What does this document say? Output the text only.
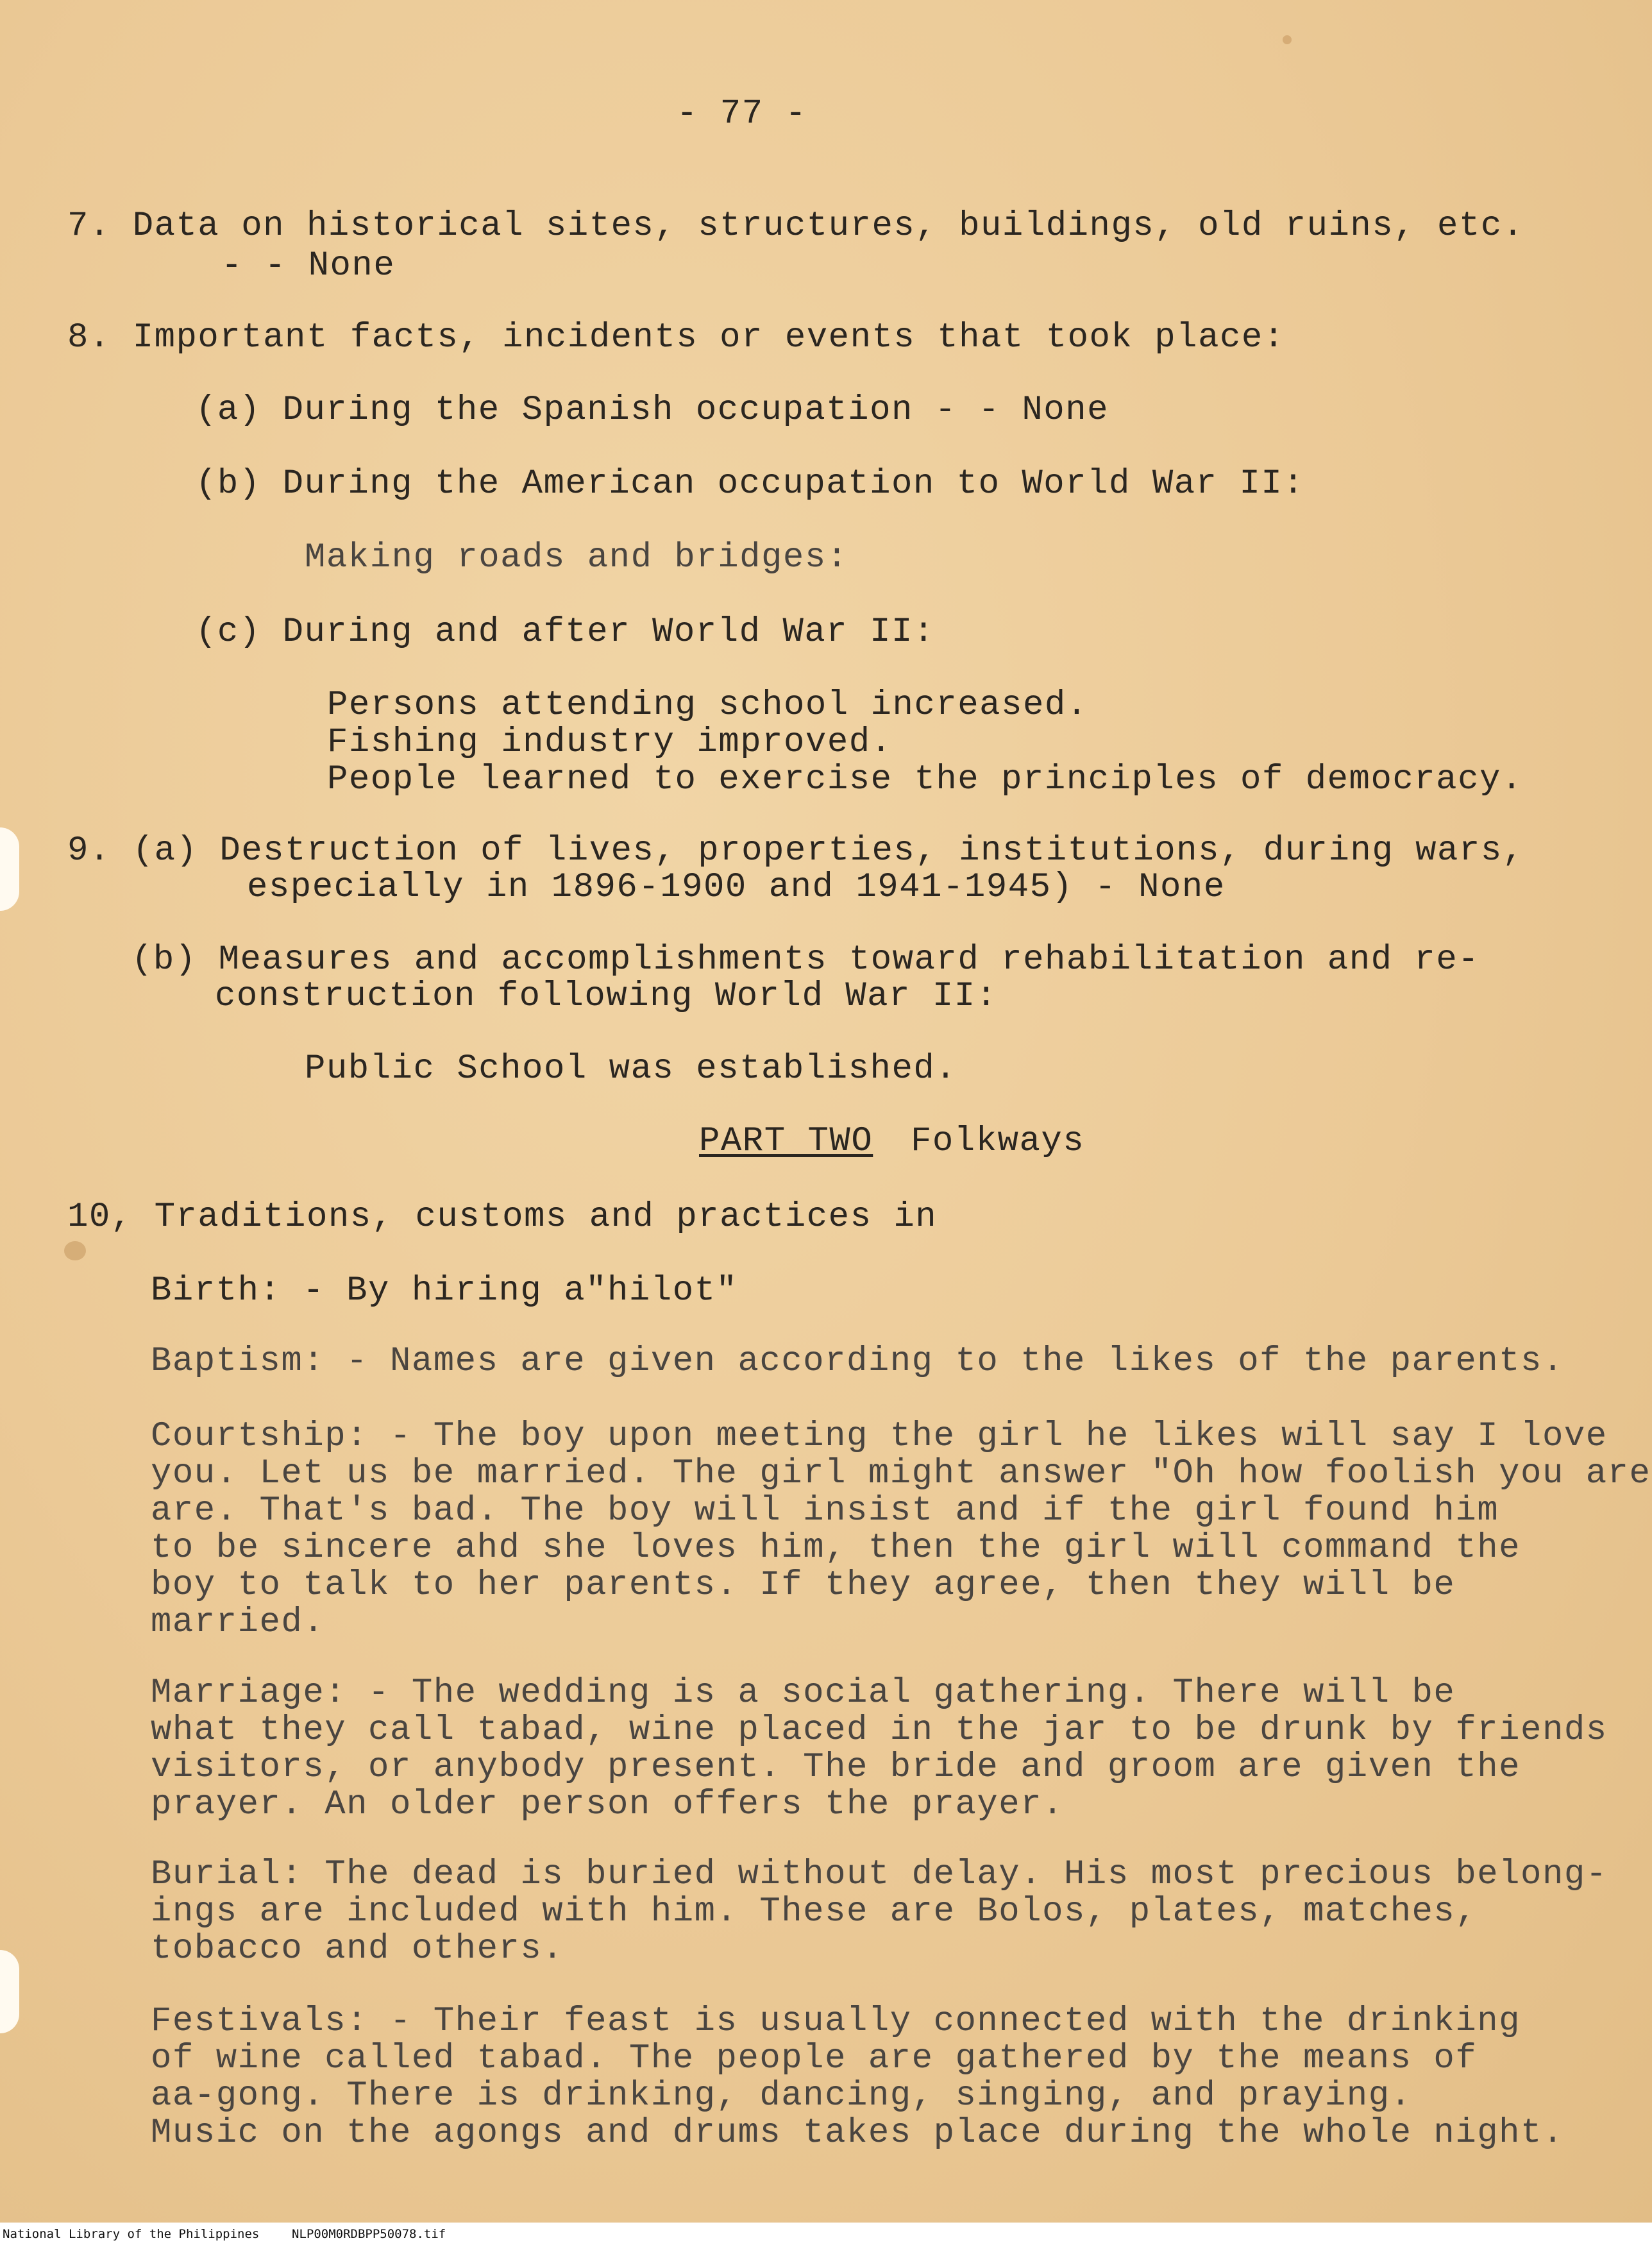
- 77 -
7. Data on historical sites, structures, buildings, old ruins, etc.
- - None
8. Important facts, incidents or events that took place:
(a) During the Spanish occupation - - None
(b) During the American occupation to World War II:
Making roads and bridges:
(c) During and after World War II:
Persons attending school increased.
Fishing industry improved.
People learned to exercise the principles of democracy.
9. (a) Destruction of lives, properties, institutions, during wars,
especially in 1896-1900 and 1941-1945) - None
(b) Measures and accomplishments toward rehabilitation and re-
construction following World War II:
Public School was established.
PART TWO Folkways
10, Traditions, customs and practices in
Birth: - By hiring a"hilot"
Baptism: - Names are given according to the likes of the parents.
Courtship: - The boy upon meeting the girl he likes will say I love
you. Let us be married. The girl might answer "Oh how foolish you are
are. That's bad. The boy will insist and if the girl found him
to be sincere ahd she loves him, then the girl will command the
boy to talk to her parents. If they agree, then they will be
married.
Marriage: - The wedding is a social gathering. There will be
what they call tabad, wine placed in the jar to be drunk by friends
visitors, or anybody present. The bride and groom are given the
prayer. An older person offers the prayer.
Burial: The dead is buried without delay. His most precious belong-
ings are included with him. These are Bolos, plates, matches,
tobacco and others.
Festivals: - Their feast is usually connected with the drinking
of wine called tabad. The people are gathered by the means of
aa-gong. There is drinking, dancing, singing, and praying.
Music on the agongs and drums takes place during the whole night.
National Library of the Philippines	NLP00M0RDBPP50078.tif
